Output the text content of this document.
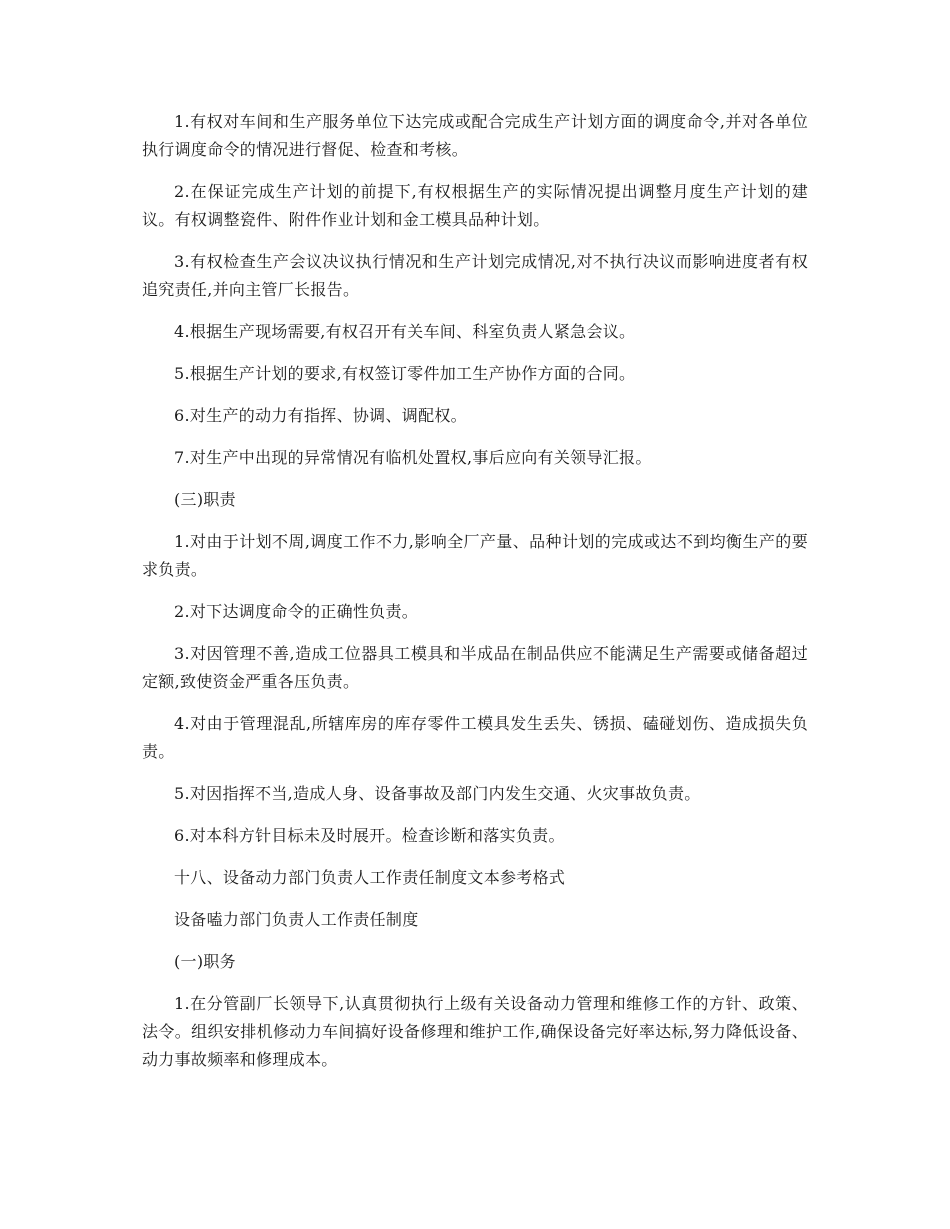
1.有权对车间和生产服务单位下达完成或配合完成生产计划方面的调度命令,并对各单位执行调度命令的情况进行督促、检查和考核。

2.在保证完成生产计划的前提下,有权根据生产的实际情况提出调整月度生产计划的建议。有权调整瓷件、附件作业计划和金工模具品种计划。

3.有权检查生产会议决议执行情况和生产计划完成情况,对不执行决议而影响进度者有权追究责任,并向主管厂长报告。

4.根据生产现场需要,有权召开有关车间、科室负责人紧急会议。

5.根据生产计划的要求,有权签订零件加工生产协作方面的合同。

6.对生产的动力有指挥、协调、调配权。

7.对生产中出现的异常情况有临机处置权,事后应向有关领导汇报。

(三)职责

1.对由于计划不周,调度工作不力,影响全厂产量、品种计划的完成或达不到均衡生产的要求负责。

2.对下达调度命令的正确性负责。

3.对因管理不善,造成工位器具工模具和半成品在制品供应不能满足生产需要或储备超过定额,致使资金严重各压负责。

4.对由于管理混乱,所辖库房的库存零件工模具发生丢失、锈损、磕碰划伤、造成损失负责。

5.对因指挥不当,造成人身、设备事故及部门内发生交通、火灾事故负责。

6.对本科方针目标未及时展开。检查诊断和落实负责。

十八、设备动力部门负责人工作责任制度文本参考格式

设备嗑力部门负责人工作责任制度

(一)职务

1.在分管副厂长领导下,认真贯彻执行上级有关设备动力管理和维修工作的方针、政策、法令。组织安排机修动力车间搞好设备修理和维护工作,确保设备完好率达标,努力降低设备、动力事故频率和修理成本。
